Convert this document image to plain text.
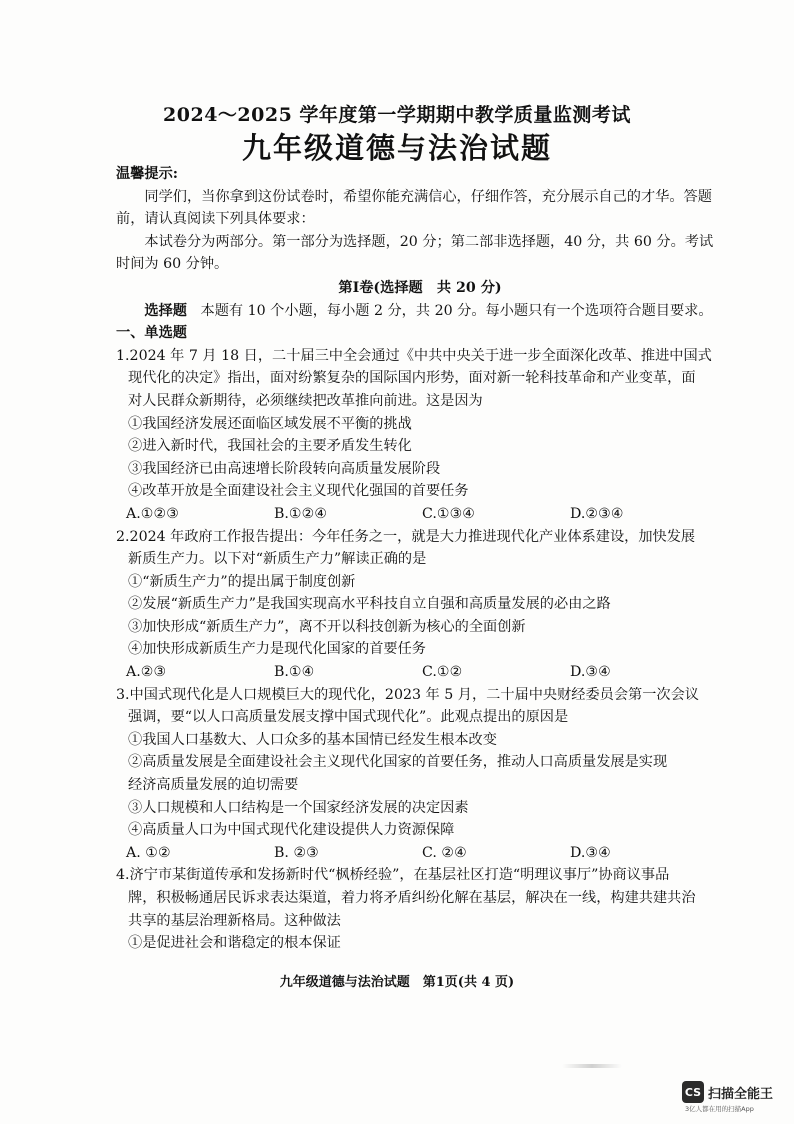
2024～2025 学年度第一学期期中教学质量监测考试
九年级道德与法治试题

温馨提示:

同学们，当你拿到这份试卷时，希望你能充满信心，仔细作答，充分展示自己的才华。答题前，请认真阅读下列具体要求：

本试卷分为两部分。第一部分为选择题，20 分；第二部非选择题，40 分，共 60 分。考试时间为 60 分钟。

第Ⅰ卷(选择题　共 20 分)

选择题 本题有 10 个小题，每小题 2 分，共 20 分。每小题只有一个选项符合题目要求。

一、单选题

1.2024 年 7 月 18 日，二十届三中全会通过《中共中央关于进一步全面深化改革、推进中国式

现代化的决定》指出，面对纷繁复杂的国际国内形势，面对新一轮科技革命和产业变革，面

对人民群众新期待，必须继续把改革推向前进。这是因为

①我国经济发展还面临区域发展不平衡的挑战

②进入新时代，我国社会的主要矛盾发生转化

③我国经济已由高速增长阶段转向高质量发展阶段

④改革开放是全面建设社会主义现代化强国的首要任务

A.①②③	B.①②④	C.①③④	D.②③④

2.2024 年政府工作报告提出：今年任务之一，就是大力推进现代化产业体系建设，加快发展

新质生产力。以下对“新质生产力”解读正确的是

①“新质生产力”的提出属于制度创新

②发展“新质生产力”是我国实现高水平科技自立自强和高质量发展的必由之路

③加快形成“新质生产力”，离不开以科技创新为核心的全面创新

④加快形成新质生产力是现代化国家的首要任务

A.②③	B.①④	C.①②	D.③④

3.中国式现代化是人口规模巨大的现代化，2023 年 5 月，二十届中央财经委员会第一次会议

强调，要“以人口高质量发展支撑中国式现代化”。此观点提出的原因是

①我国人口基数大、人口众多的基本国情已经发生根本改变

②高质量发展是全面建设社会主义现代化国家的首要任务，推动人口高质量发展是实现

经济高质量发展的迫切需要

③人口规模和人口结构是一个国家经济发展的决定因素

④高质量人口为中国式现代化建设提供人力资源保障

A. ①②	B. ②③	C. ②④	D.③④

4.济宁市某街道传承和发扬新时代“枫桥经验”，在基层社区打造“明理议事厅”协商议事品

牌，积极畅通居民诉求表达渠道，着力将矛盾纠纷化解在基层，解决在一线，构建共建共治

共享的基层治理新格局。这种做法

①是促进社会和谐稳定的根本保证

九年级道德与法治试题　第1页(共 4 页)
CS 扫描全能王
3亿人都在用的扫描App
